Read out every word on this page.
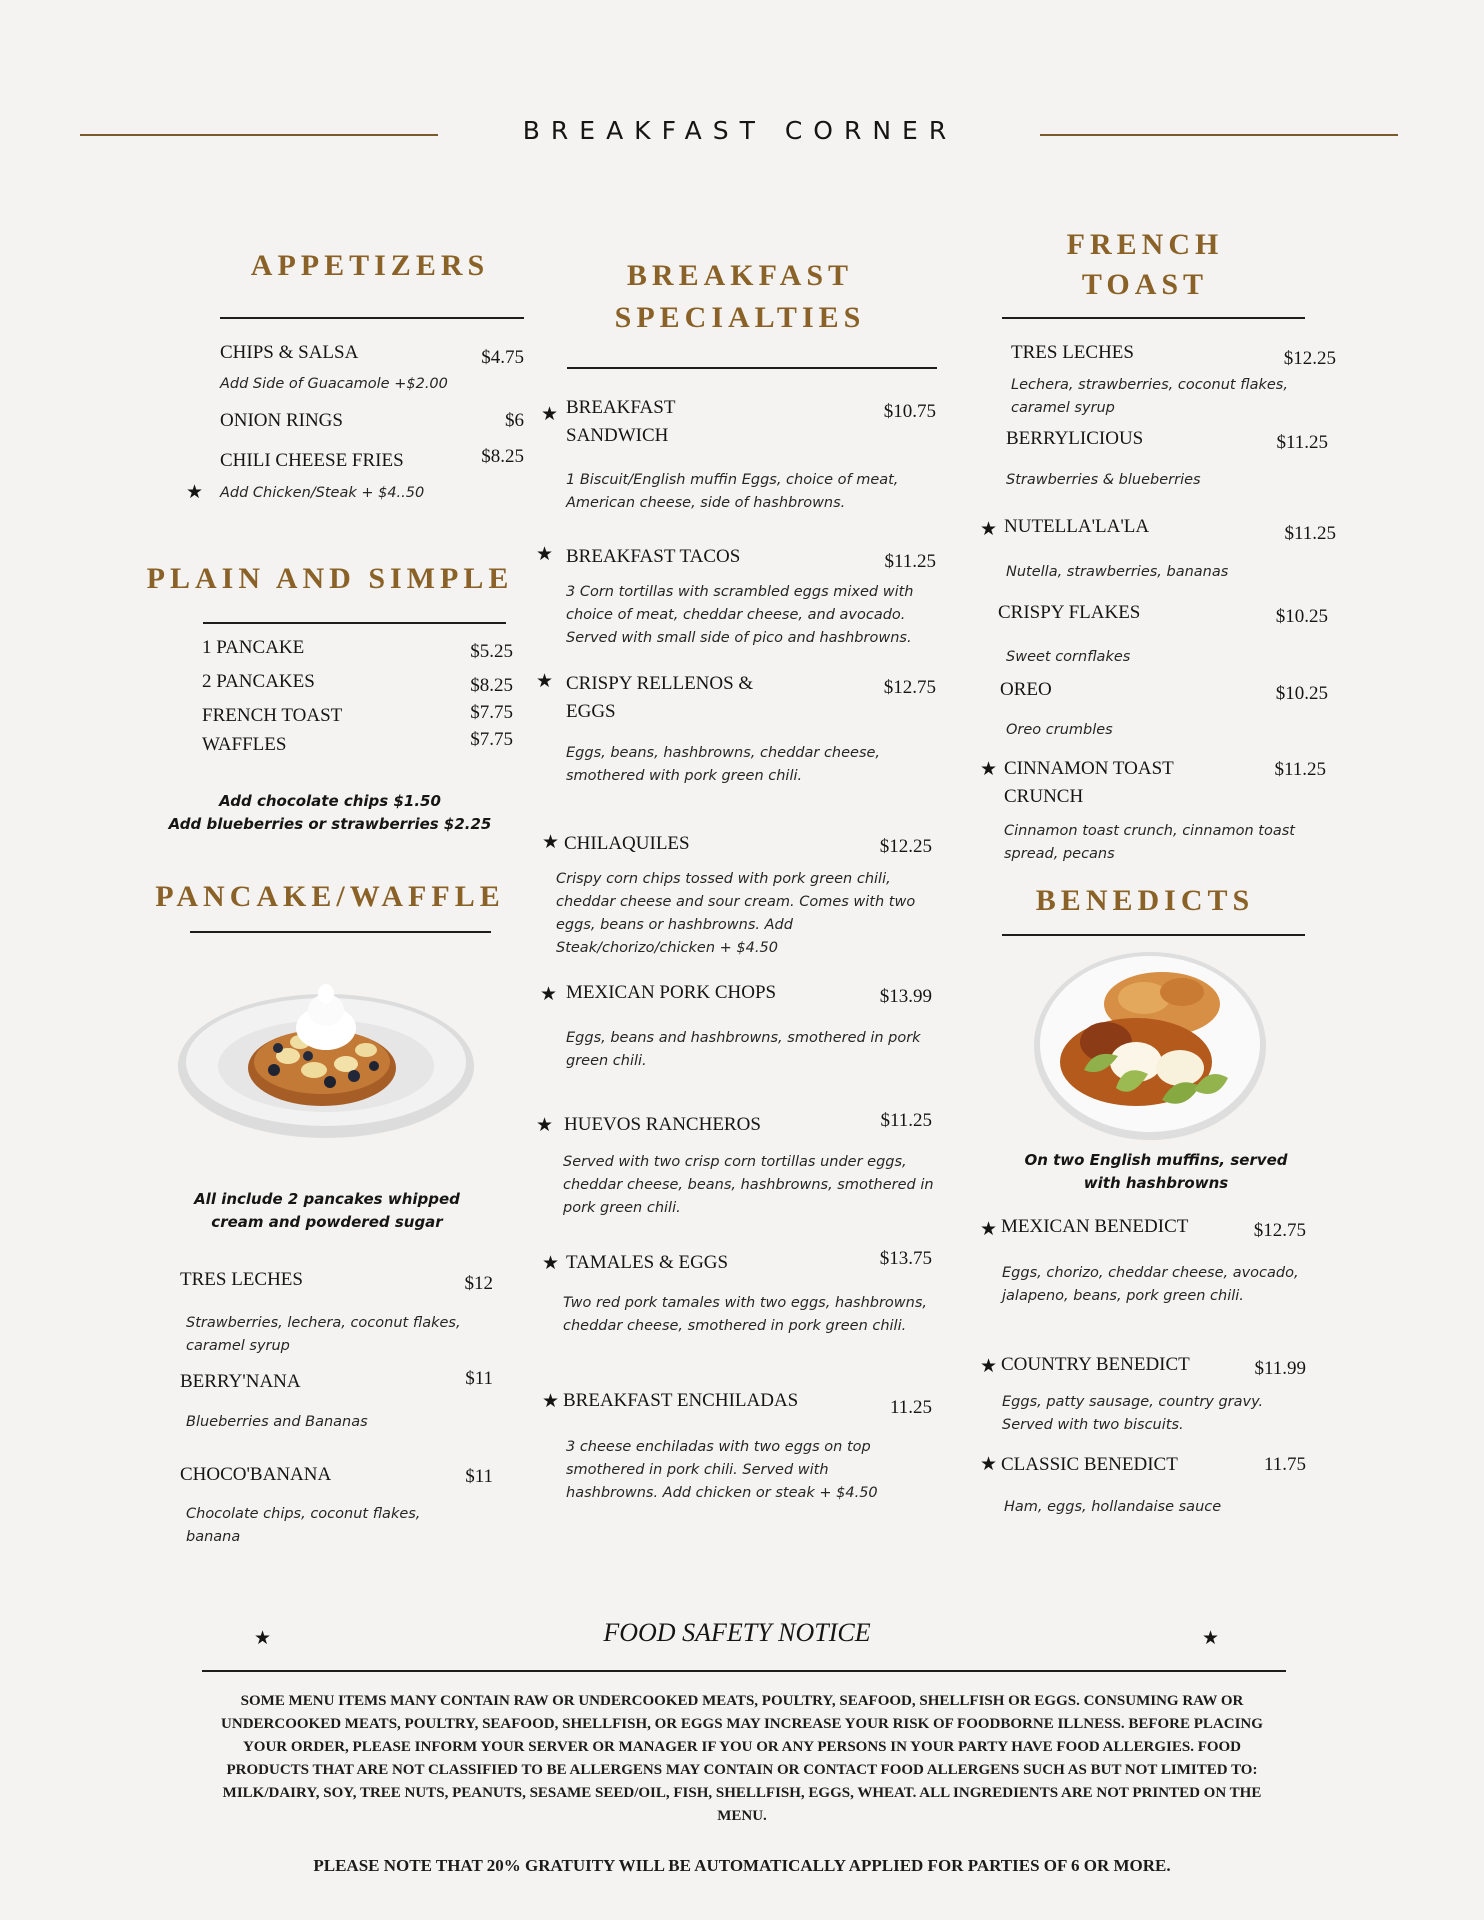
BREAKFAST CORNER
APPETIZERS
CHIPS & SALSA	$4.75
Add Side of Guacamole +$2.00
ONION RINGS	$6
CHILI CHEESE FRIES	$8.25
★ Add Chicken/Steak + $4..50
PLAIN AND SIMPLE
1 PANCAKE	$5.25
2 PANCAKES	$8.25
FRENCH TOAST	$7.75
WAFFLES	$7.75
Add chocolate chips $1.50
Add blueberries or strawberries $2.25
PANCAKE/WAFFLE
All include 2 pancakes whipped cream and powdered sugar
TRES LECHES	$12
Strawberries, lechera, coconut flakes, caramel syrup
BERRY'NANA	$11
Blueberries and Bananas
CHOCO'BANANA	$11
Chocolate chips, coconut flakes, banana
BREAKFAST
SPECIALTIES
★ BREAKFAST SANDWICH
$10.75
1 Biscuit/English muffin Eggs, choice of meat, American cheese, side of hashbrowns.
★ BREAKFAST TACOS	$11.25
3 Corn tortillas with scrambled eggs mixed with choice of meat, cheddar cheese, and avocado. Served with small side of pico and hashbrowns.
★ CRISPY RELLENOS & EGGS
$12.75
Eggs, beans, hashbrowns, cheddar cheese, smothered with pork green chili.
★ CHILAQUILES	$12.25
Crispy corn chips tossed with pork green chili, cheddar cheese and sour cream. Comes with two eggs, beans or hashbrowns. Add Steak/chorizo/chicken + $4.50
★ MEXICAN PORK CHOPS	$13.99
Eggs, beans and hashbrowns, smothered in pork green chili.
★ HUEVOS RANCHEROS	$11.25
Served with two crisp corn tortillas under eggs, cheddar cheese, beans, hashbrowns, smothered in pork green chili.
★ TAMALES & EGGS	$13.75
Two red pork tamales with two eggs, hashbrowns, cheddar cheese, smothered in pork green chili.
★ BREAKFAST ENCHILADAS	11.25
3 cheese enchiladas with two eggs on top smothered in pork chili. Served with hashbrowns. Add chicken or steak + $4.50
FRENCH
TOAST
TRES LECHES	$12.25
Lechera, strawberries, coconut flakes, caramel syrup
BERRYLICIOUS	$11.25
Strawberries & blueberries
★ NUTELLA'LA'LA	$11.25
Nutella, strawberries, bananas
CRISPY FLAKES	$10.25
Sweet cornflakes
OREO	$10.25
Oreo crumbles
★ CINNAMON TOAST CRUNCH
$11.25
Cinnamon toast crunch, cinnamon toast spread, pecans
BENEDICTS
On two English muffins, served with hashbrowns
★ MEXICAN BENEDICT	$12.75
Eggs, chorizo, cheddar cheese, avocado, jalapeno, beans, pork green chili.
★ COUNTRY BENEDICT	$11.99
Eggs, patty sausage, country gravy. Served with two biscuits.
★ CLASSIC BENEDICT	11.75
Ham, eggs, hollandaise sauce
★	FOOD SAFETY NOTICE	★
SOME MENU ITEMS MANY CONTAIN RAW OR UNDERCOOKED MEATS, POULTRY, SEAFOOD, SHELLFISH OR EGGS. CONSUMING RAW OR UNDERCOOKED MEATS, POULTRY, SEAFOOD, SHELLFISH, OR EGGS MAY INCREASE YOUR RISK OF FOODBORNE ILLNESS. BEFORE PLACING YOUR ORDER, PLEASE INFORM YOUR SERVER OR MANAGER IF YOU OR ANY PERSONS IN YOUR PARTY HAVE FOOD ALLERGIES. FOOD PRODUCTS THAT ARE NOT CLASSIFIED TO BE ALLERGENS MAY CONTAIN OR CONTACT FOOD ALLERGENS SUCH AS BUT NOT LIMITED TO: MILK/DAIRY, SOY, TREE NUTS, PEANUTS, SESAME SEED/OIL, FISH, SHELLFISH, EGGS, WHEAT. ALL INGREDIENTS ARE NOT PRINTED ON THE MENU.
PLEASE NOTE THAT 20% GRATUITY WILL BE AUTOMATICALLY APPLIED FOR PARTIES OF 6 OR MORE.
